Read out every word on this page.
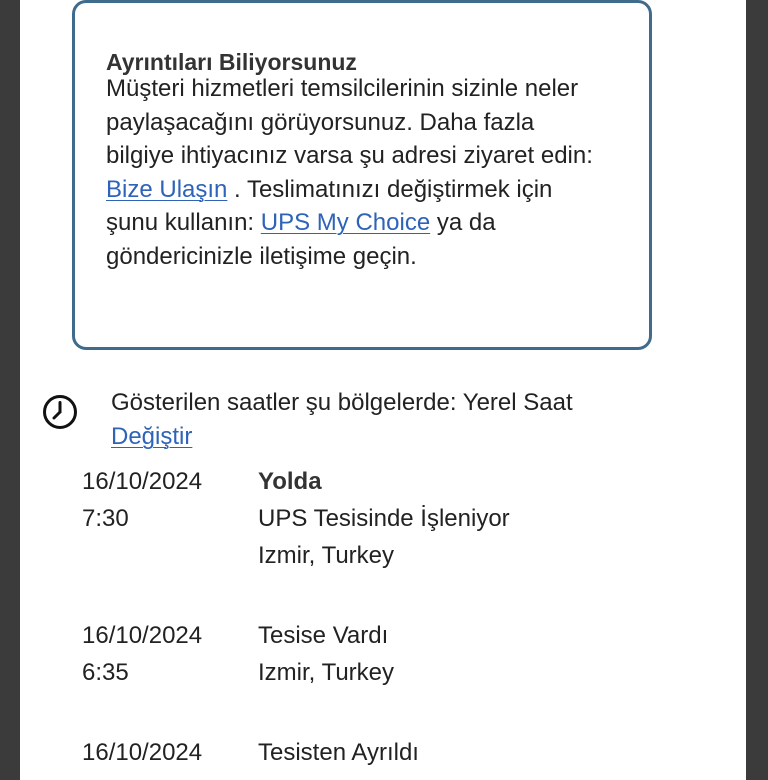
Ayrıntıları Biliyorsunuz
Müşteri hizmetleri temsilcilerinin sizinle neler paylaşacağını görüyorsunuz. Daha fazla bilgiye ihtiyacınız varsa şu adresi ziyaret edin: Bize Ulaşın . Teslimatınızı değiştirmek için şunu kullanın: UPS My Choice ya da göndericinizle iletişime geçin.
Gösterilen saatler şu bölgelerde: Yerel Saat
Değiştir
16/10/2024
7:30
Yolda
UPS Tesisinde İşleniyor
Izmir, Turkey
16/10/2024
6:35
Tesise Vardı
Izmir, Turkey
16/10/2024 Tesisten Ayrıldı
